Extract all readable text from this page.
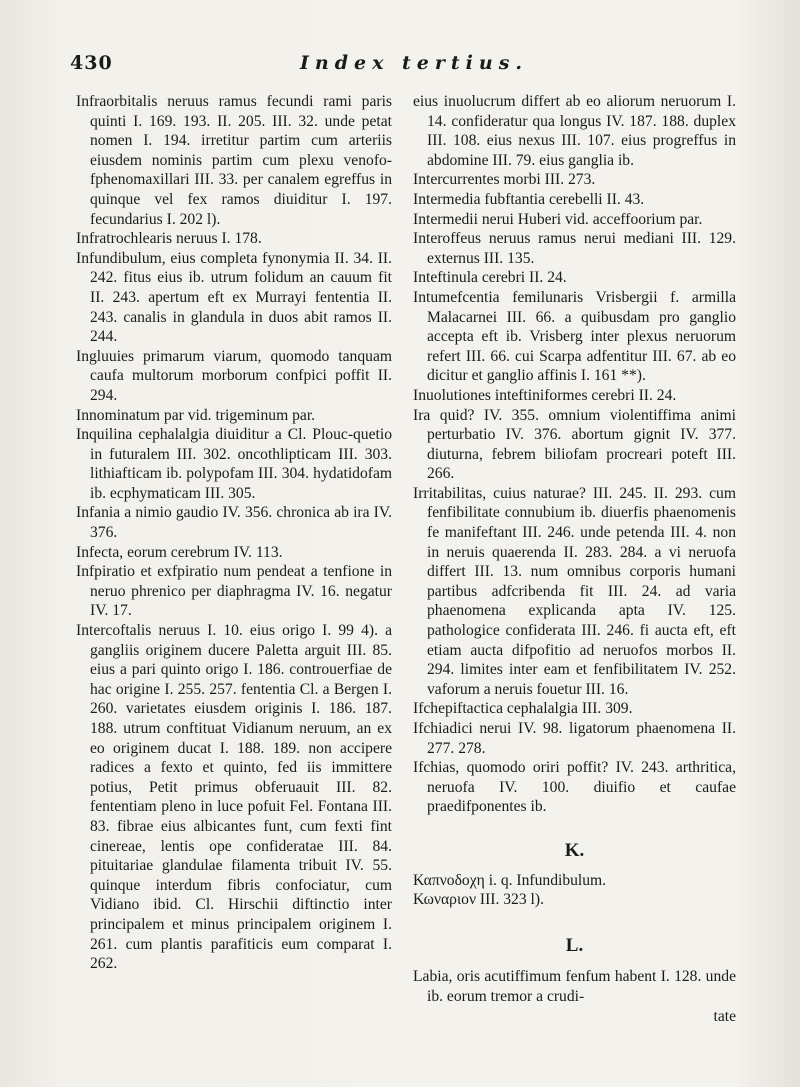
430	Index tertius.

Infraorbitalis neruus ramus fecundi rami paris quinti I. 169. 193. II. 205. III. 32. unde petat nomen I. 194. irretitur partim cum arteriis eiusdem nominis partim cum plexu venofo-fphenomaxillari III. 33. per canalem egreffus in quinque vel fex ramos diuiditur I. 197. fecundarius I. 202 l).

Infratrochlearis neruus I. 178.

Infundibulum, eius completa fynonymia II. 34. II. 242. fitus eius ib. utrum folidum an cauum fit II. 243. apertum eft ex Murrayi fententia II. 243. canalis in glandula in duos abit ramos II. 244.

Ingluuies primarum viarum, quomodo tanquam caufa multorum morborum confpici poffit II. 294.

Innominatum par vid. trigeminum par.

Inquilina cephalalgia diuiditur a Cl. Plouc-quetio in futuralem III. 302. oncothlipticam III. 303. lithiafticam ib. polypofam III. 304. hydatidofam ib. ecphymaticam III. 305.

Infania a nimio gaudio IV. 356. chronica ab ira IV. 376.

Infecta, eorum cerebrum IV. 113.

Infpiratio et exfpiratio num pendeat a tenfione in neruo phrenico per diaphragma IV. 16. negatur IV. 17.

Intercoftalis neruus I. 10. eius origo I. 99 4). a gangliis originem ducere Paletta arguit III. 85. eius a pari quinto origo I. 186. controuerfiae de hac origine I. 255. 257. fententia Cl. a Bergen I. 260. varietates eiusdem originis I. 186. 187. 188. utrum conftituat Vidianum neruum, an ex eo originem ducat I. 188. 189. non accipere radices a fexto et quinto, fed iis immittere potius, Petit primus obferuauit III. 82. fententiam pleno in luce pofuit Fel. Fontana III. 83. fibrae eius albicantes funt, cum fexti fint cinereae, lentis ope confideratae III. 84. pituitariae glandulae filamenta tribuit IV. 55. quinque interdum fibris confociatur, cum Vidiano ibid. Cl. Hirschii diftinctio inter principalem et minus principalem originem I. 261. cum plantis parafiticis eum comparat I. 262.

eius inuolucrum differt ab eo aliorum neruorum I. 14. confideratur qua longus IV. 187. 188. duplex III. 108. eius nexus III. 107. eius progreffus in abdomine III. 79. eius ganglia ib.

Intercurrentes morbi III. 273.

Intermedia fubftantia cerebelli II. 43.

Intermedii nerui Huberi vid. acceffoorium par.

Interoffeus neruus ramus nerui mediani III. 129. externus III. 135.

Inteftinula cerebri II. 24.

Intumefcentia femilunaris Vrisbergii f. armilla Malacarnei III. 66. a quibusdam pro ganglio accepta eft ib. Vrisberg inter plexus neruorum refert III. 66. cui Scarpa adfentitur III. 67. ab eo dicitur et ganglio affinis I. 161 **).

Inuolutiones inteftiniformes cerebri II. 24.

Ira quid? IV. 355. omnium violentiffima animi perturbatio IV. 376. abortum gignit IV. 377. diuturna, febrem biliofam procreari poteft III. 266.

Irritabilitas, cuius naturae? III. 245. II. 293. cum fenfibilitate connubium ib. diuerfis phaenomenis fe manifeftant III. 246. unde petenda III. 4. non in neruis quaerenda II. 283. 284. a vi neruofa differt III. 13. num omnibus corporis humani partibus adfcribenda fit III. 24. ad varia phaenomena explicanda apta IV. 125. pathologice confiderata III. 246. fi aucta eft, eft etiam aucta difpofitio ad neruofos morbos II. 294. limites inter eam et fenfibilitatem IV. 252. vaforum a neruis fouetur III. 16.

Ifchepiftactica cephalalgia III. 309.

Ifchiadici nerui IV. 98. ligatorum phaenomena II. 277. 278.

Ifchias, quomodo oriri poffit? IV. 243. arthritica, neruofa IV. 100. diuifio et caufae praedifponentes ib.

K.

Καπνοδοχη i. q. Infundibulum.

Κωναριον III. 323 l).

L.

Labia, oris acutiffimum fenfum habent I. 128. unde ib. eorum tremor a crudi-

tate
